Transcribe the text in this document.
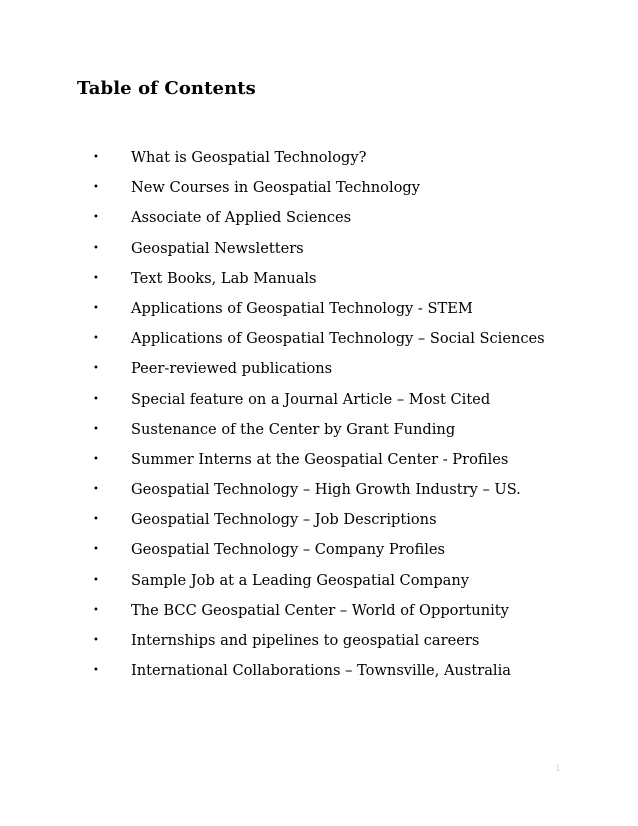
Table of Contents
• What is Geospatial Technology?
• New Courses in Geospatial Technology
• Associate of Applied Sciences
• Geospatial Newsletters
• Text Books, Lab Manuals
• Applications of Geospatial Technology - STEM
• Applications of Geospatial Technology – Social Sciences
• Peer-reviewed publications
• Special feature on a Journal Article – Most Cited
• Sustenance of the Center by Grant Funding
• Summer Interns at the Geospatial Center - Profiles
• Geospatial Technology – High Growth Industry – US.
• Geospatial Technology – Job Descriptions
• Geospatial Technology – Company Profiles
• Sample Job at a Leading Geospatial Company
• The BCC Geospatial Center – World of Opportunity
• Internships and pipelines to geospatial careers
• International Collaborations – Townsville, Australia
1
